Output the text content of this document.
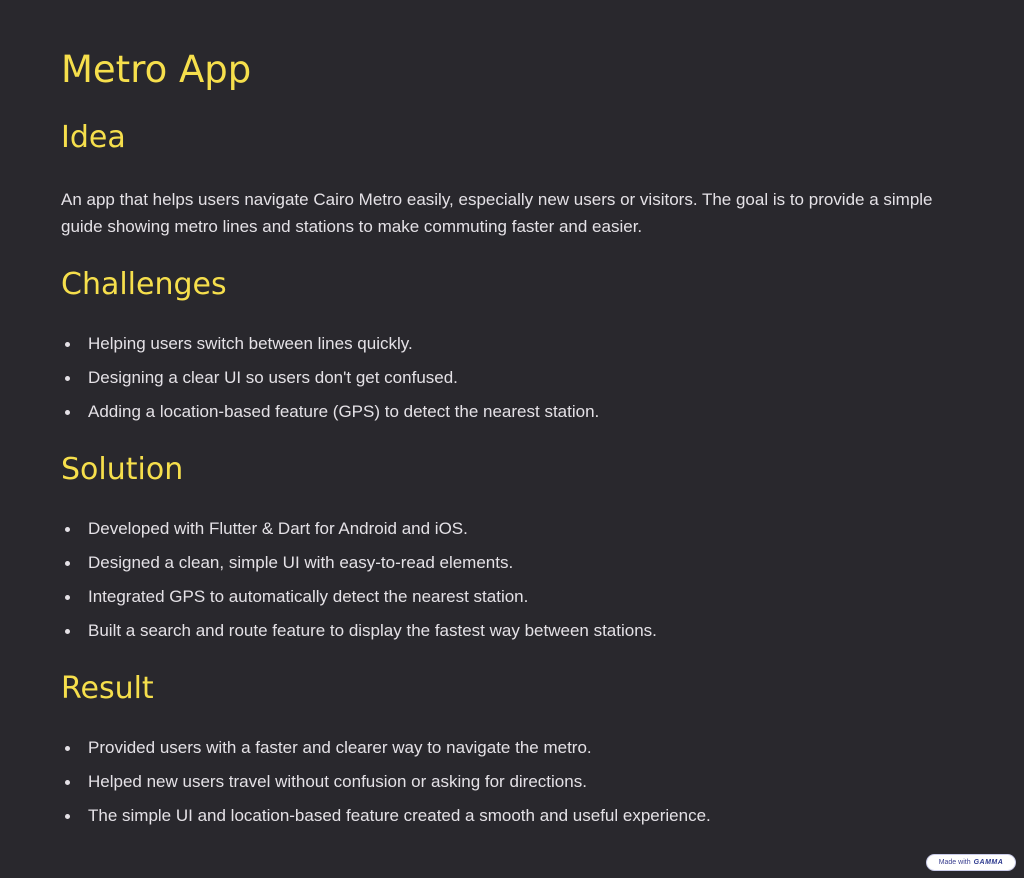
Metro App
Idea

An app that helps users navigate Cairo Metro easily, especially new users or visitors. The goal is to provide a simple guide showing metro lines and stations to make commuting faster and easier.

Challenges
Helping users switch between lines quickly.
Designing a clear UI so users don't get confused.
Adding a location-based feature (GPS) to detect the nearest station.
Solution
Developed with Flutter & Dart for Android and iOS.
Designed a clean, simple UI with easy-to-read elements.
Integrated GPS to automatically detect the nearest station.
Built a search and route feature to display the fastest way between stations.
Result
Provided users with a faster and clearer way to navigate the metro.
Helped new users travel without confusion or asking for directions.
The simple UI and location-based feature created a smooth and useful experience.
Made with GAMMA
